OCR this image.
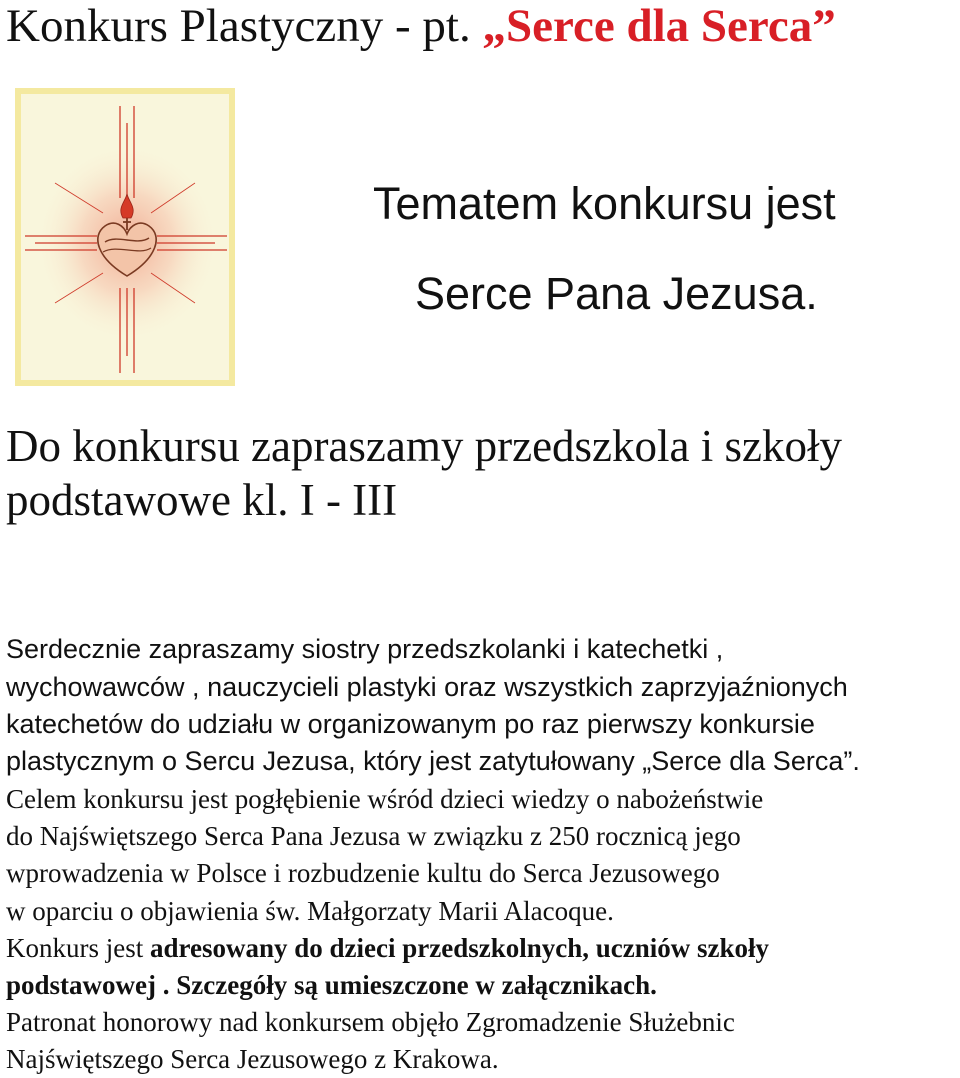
Konkurs Plastyczny - pt. „Serce dla Serca”
Tematem konkursu jest
Serce Pana Jezusa.
Do konkursu zapraszamy przedszkola i szkoły
podstawowe kl. I - III
Serdecznie zapraszamy siostry przedszkolanki i katechetki ,
wychowawców , nauczycieli plastyki oraz wszystkich zaprzyjaźnionych
katechetów do udziału w organizowanym po raz pierwszy konkursie
plastycznym o Sercu Jezusa, który jest zatytułowany „Serce dla Serca”.
Celem konkursu jest pogłębienie wśród dzieci wiedzy o nabożeństwie
do Najświętszego Serca Pana Jezusa w związku z 250 rocznicą jego
wprowadzenia w Polsce i rozbudzenie kultu do Serca Jezusowego
w oparciu o objawienia św. Małgorzaty Marii Alacoque.
Konkurs jest adresowany do dzieci przedszkolnych, uczniów szkoły
podstawowej . Szczegóły są umieszczone w załącznikach.
Patronat honorowy nad konkursem objęło Zgromadzenie Służebnic
Najświętszego Serca Jezusowego z Krakowa.
